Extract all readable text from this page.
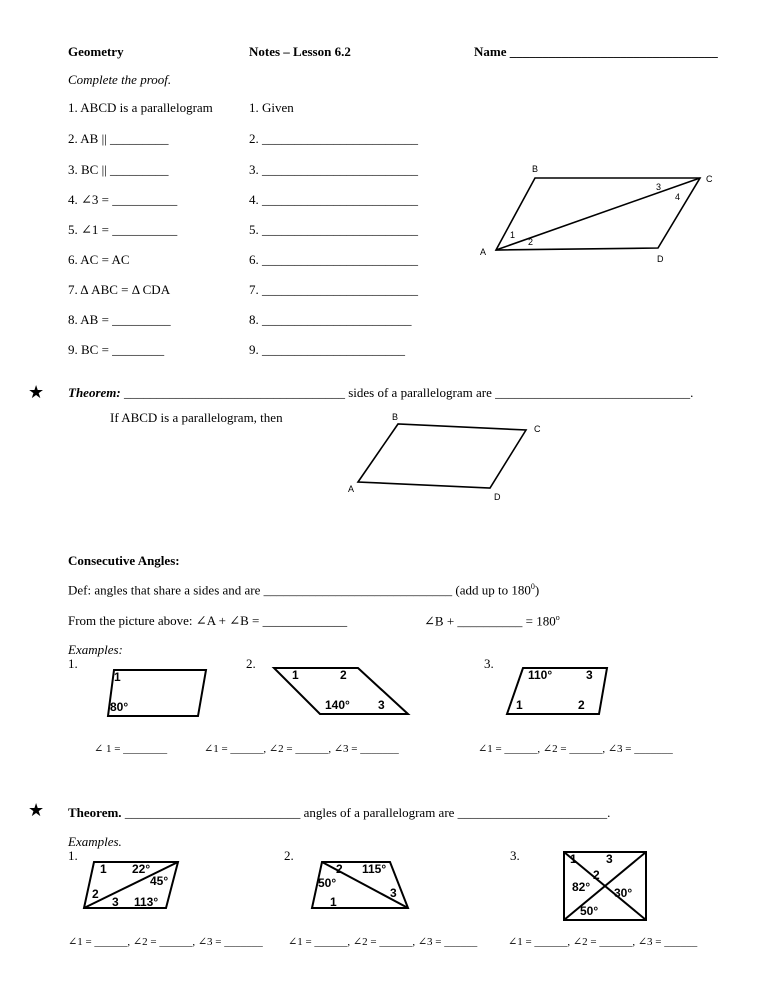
Geometry	Notes – Lesson 6.2	Name ________________________________
Complete the proof.
1. ABCD is a parallelogram	1. Given
2. AB || _________	2. ________________________
3. BC || _________	3. ________________________
4. ∠3 = __________	4. ________________________
5. ∠1 = __________	5. ________________________
6. AC = AC	6. ________________________
7. Δ ABC = Δ CDA	7. ________________________
8. AB = _________	8. _______________________
9. BC = ________	9. ______________________
B
C
A
D
1
2
3
4
★ Theorem: __________________________________ sides of a parallelogram are ______________________________.
If ABCD is a parallelogram, then	B
C
A
D
Consecutive Angles:
Def: angles that share a sides and are _____________________________ (add up to $180^0$)
From the picture above: ∠A + ∠B = _____________	∠B + __________ = $180^o$
Examples:
1.	2.	3.
1
80°
1	2
140° 3
110°	3
1	2
∠ 1 = ________	∠1 = ______, ∠2 = ______, ∠3 = _______	∠1 = ______, ∠2 = ______, ∠3 = _______
★ Theorem. ___________________________ angles of a parallelogram are _______________________.
Examples.
1.	2.	3.
1 22°
45°
2
3 113°
2 115°
50°
3
1
1 3
2
82° 30°
50°
∠1 = ______, ∠2 = ______, ∠3 = _______ ∠1 = ______, ∠2 = ______, ∠3 = ______	∠1 = ______, ∠2 = ______, ∠3 = ______
